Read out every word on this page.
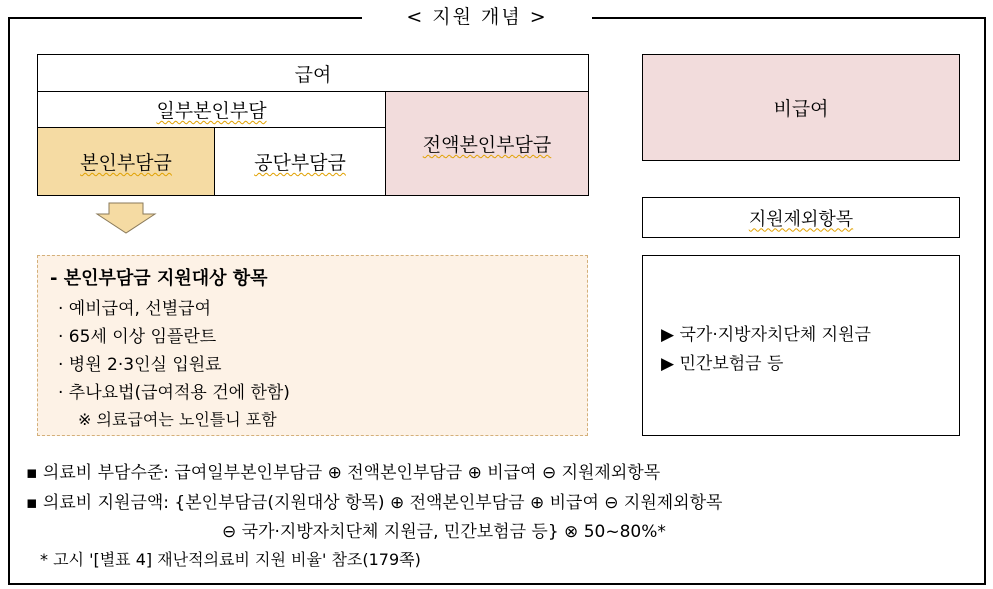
< 지원 개념 >
급여
일부본인부담
본인부담금	공단부담금
전액본인부담금
비급여
지원제외항목
- 본인부담금 지원대상 항목
· 예비급여, 선별급여
· 65세 이상 임플란트
· 병원 2·3인실 입원료
· 추나요법(급여적용 건에 한함)
※ 의료급여는 노인틀니 포함
▶ 국가·지방자치단체 지원금
▶ 민간보험금 등
▪ 의료비 부담수준: 급여일부본인부담금 ⊕ 전액본인부담금 ⊕ 비급여 ⊖ 지원제외항목
▪ 의료비 지원금액: {본인부담금(지원대상 항목) ⊕ 전액본인부담금 ⊕ 비급여 ⊖ 지원제외항목
⊖ 국가·지방자치단체 지원금, 민간보험금 등} ⊗ 50~80%*
* 고시 '[별표 4] 재난적의료비 지원 비율' 참조(179쪽)
